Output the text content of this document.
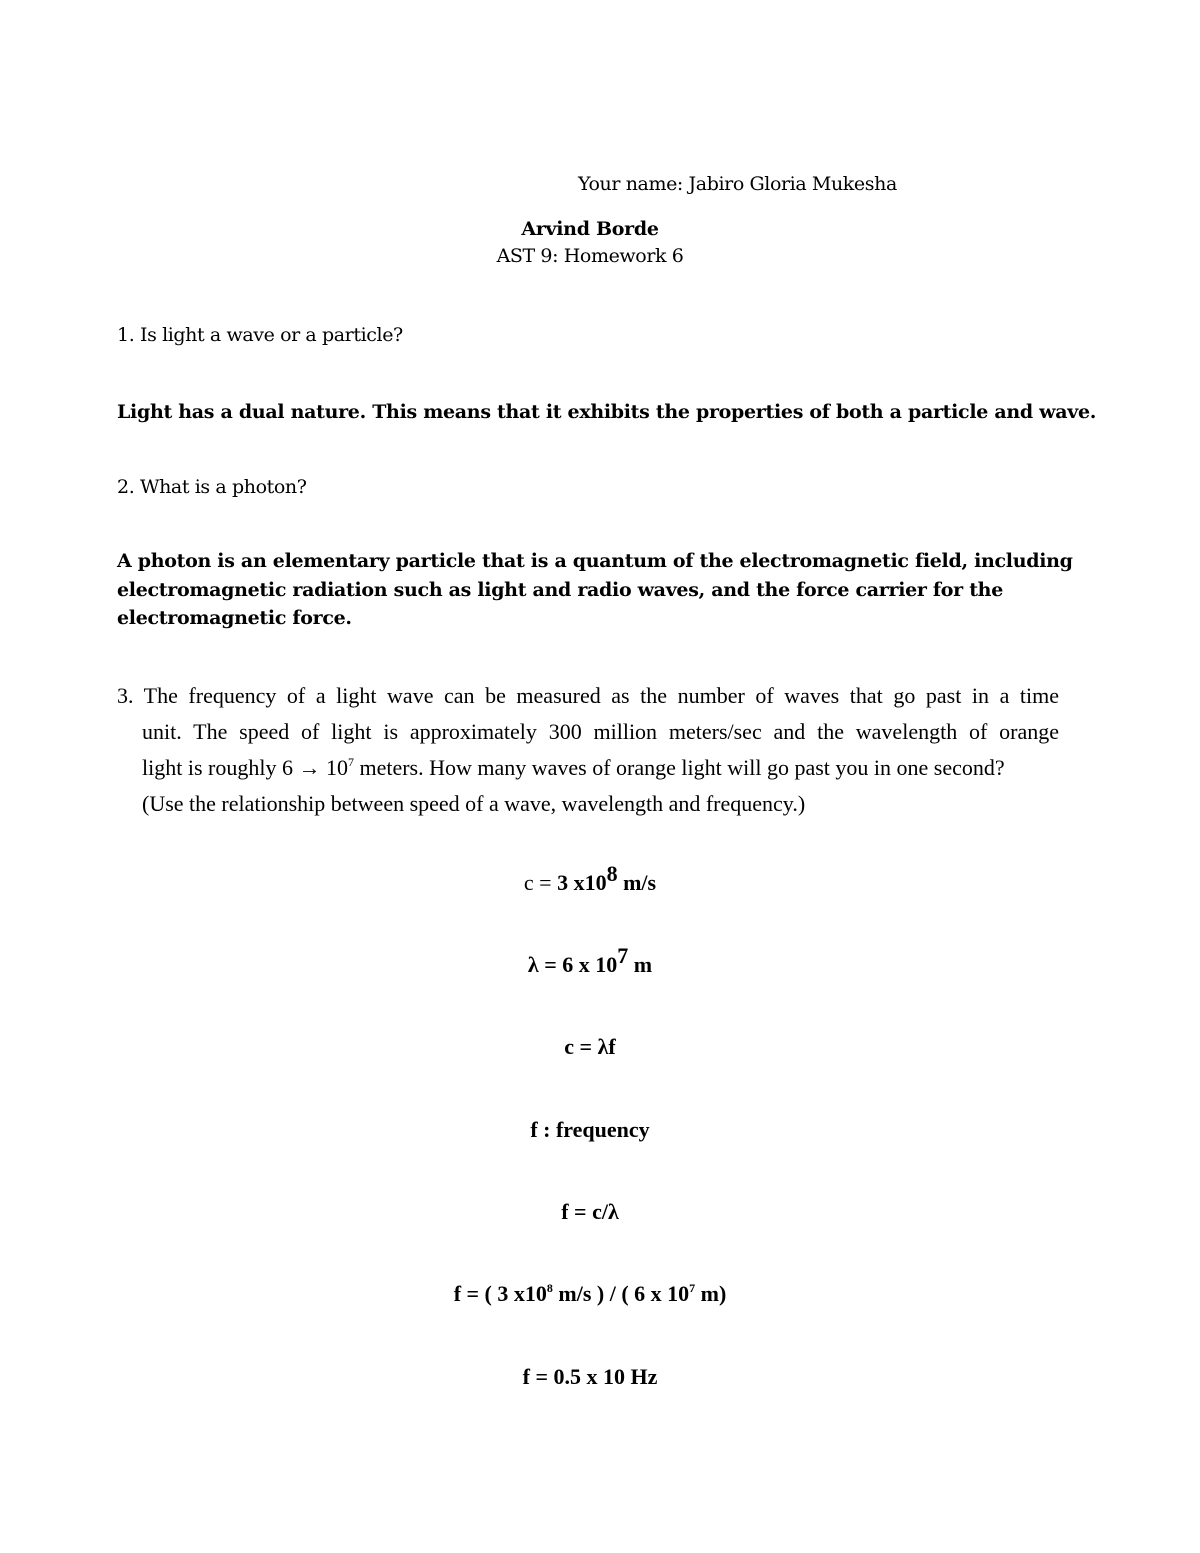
Your name: Jabiro Gloria Mukesha
Arvind Borde
AST 9: Homework 6
1. Is light a wave or a particle?
Light has a dual nature. This means that it exhibits the properties of both a particle and wave.
2. What is a photon?
A photon is an elementary particle that is a quantum of the electromagnetic field, including
electromagnetic radiation such as light and radio waves, and the force carrier for the
electromagnetic force.
3. The frequency of a light wave can be measured as the number of waves that go past in a time
unit. The speed of light is approximately 300 million meters/sec and the wavelength of orange
light is roughly $6 \to 10^7$ meters. How many waves of orange light will go past you in one second?
(Use the relationship between speed of a wave, wavelength and frequency.)
c = 3 $x10^8$ m/s
λ = 6 x $10^7$ m
c = λf
f : frequency
f = c/λ
f = ( 3 $x10^8$ m/s ) / ( 6 x $10^7$ m)
f = 0.5 x 10 Hz
